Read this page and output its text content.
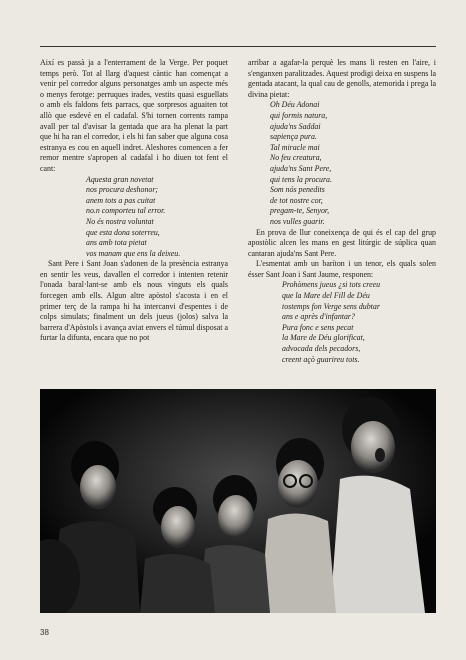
Així es passà ja a l'enterrament de la Verge. Per poquet temps però. Tot al llarg d'aquest càntic han començat a venir pel corredor alguns personatges amb un aspecte més o menys ferotge: perruques irades, vestits quasi esguellats o amb els faldons fets parracs, que sorpresos aguaiten tot allò que esdevé en el cadafal. S'hi tornen corrents rampa avall per tal d'avisar la gentada que ara ha plenat la part que hi ha ran el corredor, i els hi fan saber que alguna cosa estranya es cou en aquell indret. Aleshores comencen a fer remor mentre s'apropen al cadafal i ho diuen tot fent el cant:

Aquesta gran novetat
nos procura deshonor;
anem tots a pas cuitat
no.n comporteu tal error.
No és nostra voluntat
que esta dona soterreu,
ans amb tota pietat
vos manam que ens la deixeu.

Sant Pere i Sant Joan s'adonen de la presència estranya en sentir les veus, davallen el corredor i intenten retenir l'onada baral·lant-se amb els nous vinguts els quals forcegen amb ells. Algun altre apòstol s'acosta i en el primer terç de la rampa hi ha intercanvi d'espentes i de colps simulats; finalment un dels jueus (jolos) salva la barrera d'Apòstols i avança aviat envers el túmul disposat a furtar la difunta, encara que no pot

arribar a agafar-la perquè les mans li resten en l'aire, i s'enganxen paralitzades. Aquest prodigi deixa en suspens la gentada atacant, la qual cau de genolls, atemorida i prega la divina pietat:

Oh Déu Adonai
qui formis natura,
ajuda'ns Saddai
sapiença pura.
Tal miracle mai
No feu creatura,
ajuda'ns Sant Pere,
qui tens la procura.
Som nós penedits
de tot nostre cor,
pregam-te, Senyor,
nos vulles guarir.

En prova de llur coneixença de qui és el cap del grup apostòlic alcen les mans en gest litúrgic de súplica quan cantaran ajuda'ns Sant Pere.

L'esmentat amb un baríton i un tenor, els quals solen ésser Sant Joan i Sant Jaume, responen:

Prohòmens jueus ¿si tots creeu
que la Mare del Fill de Déu
tostemps fon Verge sens dubtar
ans e après d'infantar?
Pura fonc e sens pecat
la Mare de Déu glorificat,
advocada dels pecadors,
creent açò guarireu tots.
38
